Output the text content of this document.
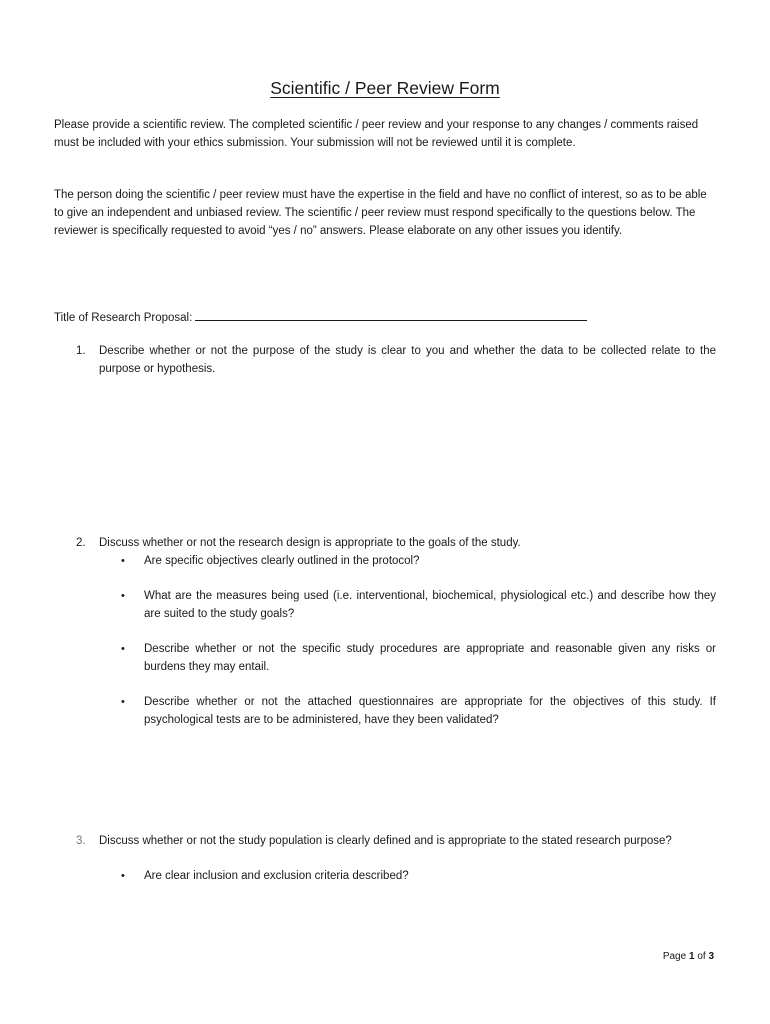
Scientific / Peer Review Form

Please provide a scientific review. The completed scientific / peer review and your response to any changes / comments raised must be included with your ethics submission. Your submission will not be reviewed until it is complete.

The person doing the scientific / peer review must have the expertise in the field and have no conflict of interest, so as to be able to give an independent and unbiased review. The scientific / peer review must respond specifically to the questions below. The reviewer is specifically requested to avoid “yes / no” answers. Please elaborate on any other issues you identify.

Title of Research Proposal:
1. Describe whether or not the purpose of the study is clear to you and whether the data to be collected relate to the purpose or hypothesis.
2. Discuss whether or not the research design is appropriate to the goals of the study.
• Are specific objectives clearly outlined in the protocol?
• What are the measures being used (i.e. interventional, biochemical, physiological etc.) and describe how they are suited to the study goals?
• Describe whether or not the specific study procedures are appropriate and reasonable given any risks or burdens they may entail.
• Describe whether or not the attached questionnaires are appropriate for the objectives of this study. If psychological tests are to be administered, have they been validated?
3. Discuss whether or not the study population is clearly defined and is appropriate to the stated research purpose?
• Are clear inclusion and exclusion criteria described?
Page 1 of 3
